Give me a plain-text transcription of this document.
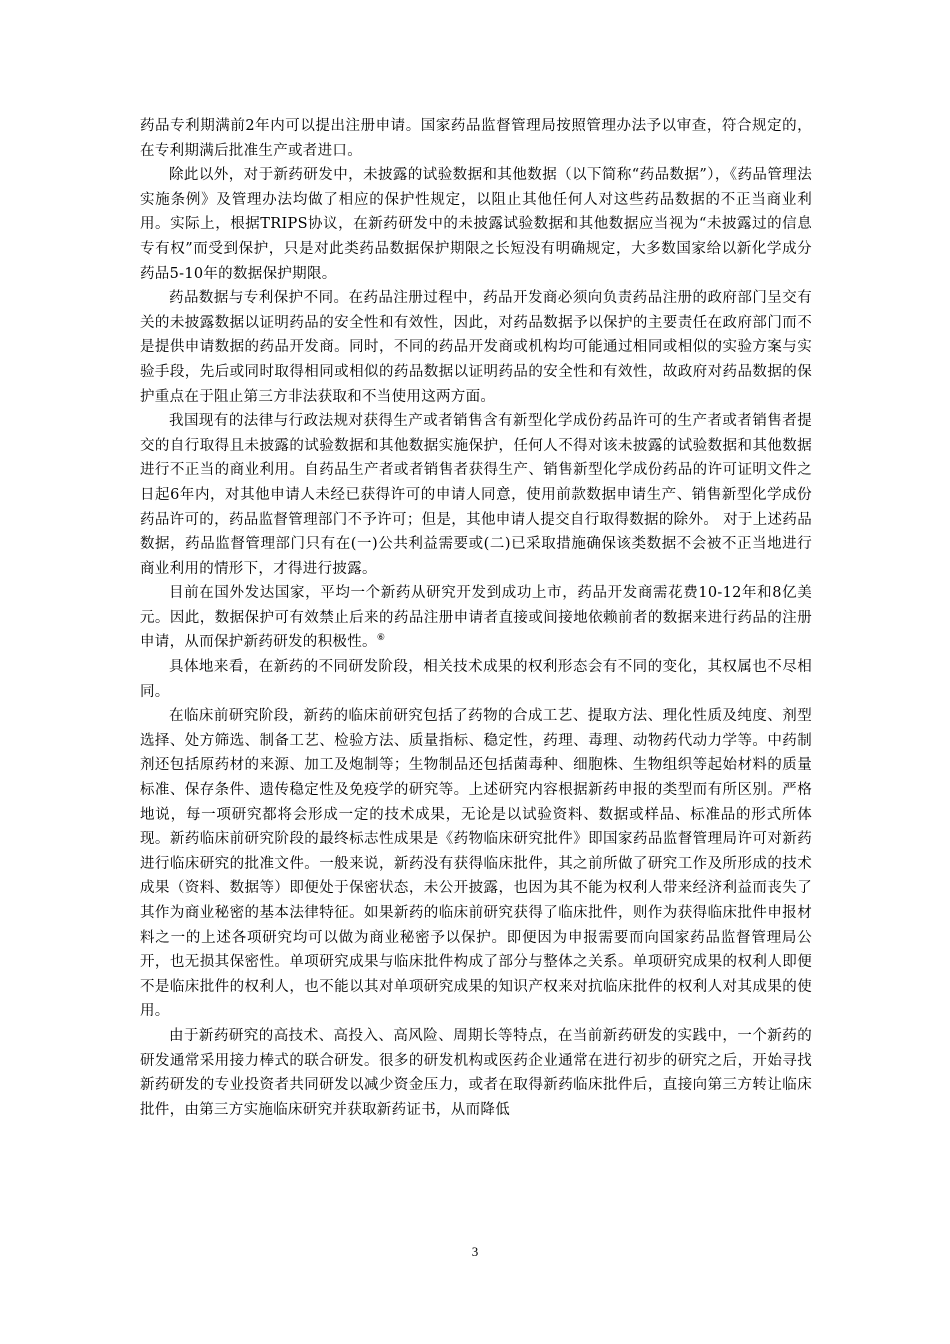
药品专利期满前2年内可以提出注册申请。国家药品监督管理局按照管理办法予以审查，符合规定的，在专利期满后批准生产或者进口。

除此以外，对于新药研发中，未披露的试验数据和其他数据（以下简称“药品数据”），《药品管理法实施条例》及管理办法均做了相应的保护性规定，以阻止其他任何人对这些药品数据的不正当商业利用。实际上，根据TRIPS协议，在新药研发中的未披露试验数据和其他数据应当视为“未披露过的信息专有权”而受到保护，只是对此类药品数据保护期限之长短没有明确规定，大多数国家给以新化学成分药品5-10年的数据保护期限。

药品数据与专利保护不同。在药品注册过程中，药品开发商必须向负责药品注册的政府部门呈交有关的未披露数据以证明药品的安全性和有效性，因此，对药品数据予以保护的主要责任在政府部门而不是提供申请数据的药品开发商。同时，不同的药品开发商或机构均可能通过相同或相似的实验方案与实验手段，先后或同时取得相同或相似的药品数据以证明药品的安全性和有效性，故政府对药品数据的保护重点在于阻止第三方非法获取和不当使用这两方面。

我国现有的法律与行政法规对获得生产或者销售含有新型化学成份药品许可的生产者或者销售者提交的自行取得且未披露的试验数据和其他数据实施保护，任何人不得对该未披露的试验数据和其他数据进行不正当的商业利用。自药品生产者或者销售者获得生产、销售新型化学成份药品的许可证明文件之日起6年内，对其他申请人未经已获得许可的申请人同意，使用前款数据申请生产、销售新型化学成份药品许可的，药品监督管理部门不予许可；但是，其他申请人提交自行取得数据的除外。 对于上述药品数据，药品监督管理部门只有在(一)公共利益需要或(二)已采取措施确保该类数据不会被不正当地进行商业利用的情形下，才得进行披露。

目前在国外发达国家，平均一个新药从研究开发到成功上市，药品开发商需花费10-12年和8亿美元。因此，数据保护可有效禁止后来的药品注册申请者直接或间接地依赖前者的数据来进行药品的注册申请，从而保护新药研发的积极性。⑥

具体地来看，在新药的不同研发阶段，相关技术成果的权利形态会有不同的变化，其权属也不尽相同。

在临床前研究阶段，新药的临床前研究包括了药物的合成工艺、提取方法、理化性质及纯度、剂型选择、处方筛选、制备工艺、检验方法、质量指标、稳定性，药理、毒理、动物药代动力学等。中药制剂还包括原药材的来源、加工及炮制等；生物制品还包括菌毒种、细胞株、生物组织等起始材料的质量标准、保存条件、遗传稳定性及免疫学的研究等。上述研究内容根据新药申报的类型而有所区别。严格地说，每一项研究都将会形成一定的技术成果，无论是以试验资料、数据或样品、标准品的形式所体现。新药临床前研究阶段的最终标志性成果是《药物临床研究批件》即国家药品监督管理局许可对新药进行临床研究的批准文件。一般来说，新药没有获得临床批件，其之前所做了研究工作及所形成的技术成果（资料、数据等）即便处于保密状态，未公开披露，也因为其不能为权利人带来经济利益而丧失了其作为商业秘密的基本法律特征。如果新药的临床前研究获得了临床批件，则作为获得临床批件申报材料之一的上述各项研究均可以做为商业秘密予以保护。即便因为申报需要而向国家药品监督管理局公开，也无损其保密性。单项研究成果与临床批件构成了部分与整体之关系。单项研究成果的权利人即便不是临床批件的权利人，也不能以其对单项研究成果的知识产权来对抗临床批件的权利人对其成果的使用。

由于新药研究的高技术、高投入、高风险、周期长等特点，在当前新药研发的实践中，一个新药的研发通常采用接力棒式的联合研发。很多的研发机构或医药企业通常在进行初步的研究之后，开始寻找新药研发的专业投资者共同研发以减少资金压力，或者在取得新药临床批件后，直接向第三方转让临床批件，由第三方实施临床研究并获取新药证书，从而降低

3
